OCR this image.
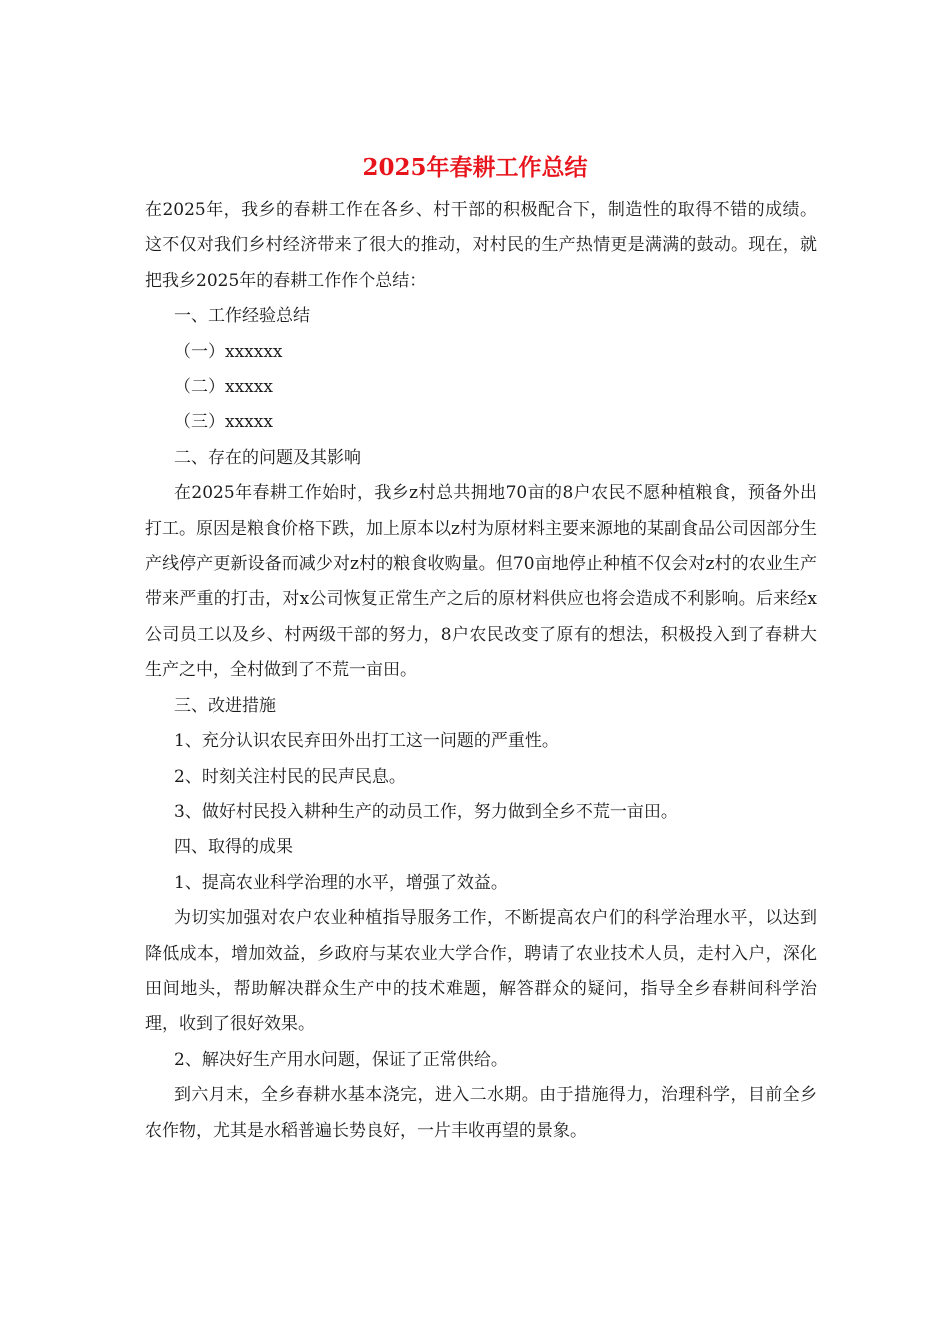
2025年春耕工作总结

在2025年，我乡的春耕工作在各乡、村干部的积极配合下，制造性的取得不错的成绩。这不仅对我们乡村经济带来了很大的推动，对村民的生产热情更是满满的鼓动。现在，就把我乡2025年的春耕工作作个总结：

一、工作经验总结

（一）xxxxxx

（二）xxxxx

（三）xxxxx

二、存在的问题及其影响

在2025年春耕工作始时，我乡z村总共拥地70亩的8户农民不愿种植粮食，预备外出打工。原因是粮食价格下跌，加上原本以z村为原材料主要来源地的某副食品公司因部分生产线停产更新设备而减少对z村的粮食收购量。但70亩地停止种植不仅会对z村的农业生产带来严重的打击，对x公司恢复正常生产之后的原材料供应也将会造成不利影响。后来经x公司员工以及乡、村两级干部的努力，8户农民改变了原有的想法，积极投入到了春耕大生产之中，全村做到了不荒一亩田。

三、改进措施

1、充分认识农民弃田外出打工这一问题的严重性。

2、时刻关注村民的民声民息。

3、做好村民投入耕种生产的动员工作，努力做到全乡不荒一亩田。

四、取得的成果

1、提高农业科学治理的水平，增强了效益。

为切实加强对农户农业种植指导服务工作，不断提高农户们的科学治理水平，以达到降低成本，增加效益，乡政府与某农业大学合作，聘请了农业技术人员，走村入户，深化田间地头，帮助解决群众生产中的技术难题，解答群众的疑问，指导全乡春耕间科学治理，收到了很好效果。

2、解决好生产用水问题，保证了正常供给。

到六月末，全乡春耕水基本浇完，进入二水期。由于措施得力，治理科学，目前全乡农作物，尤其是水稻普遍长势良好，一片丰收再望的景象。
